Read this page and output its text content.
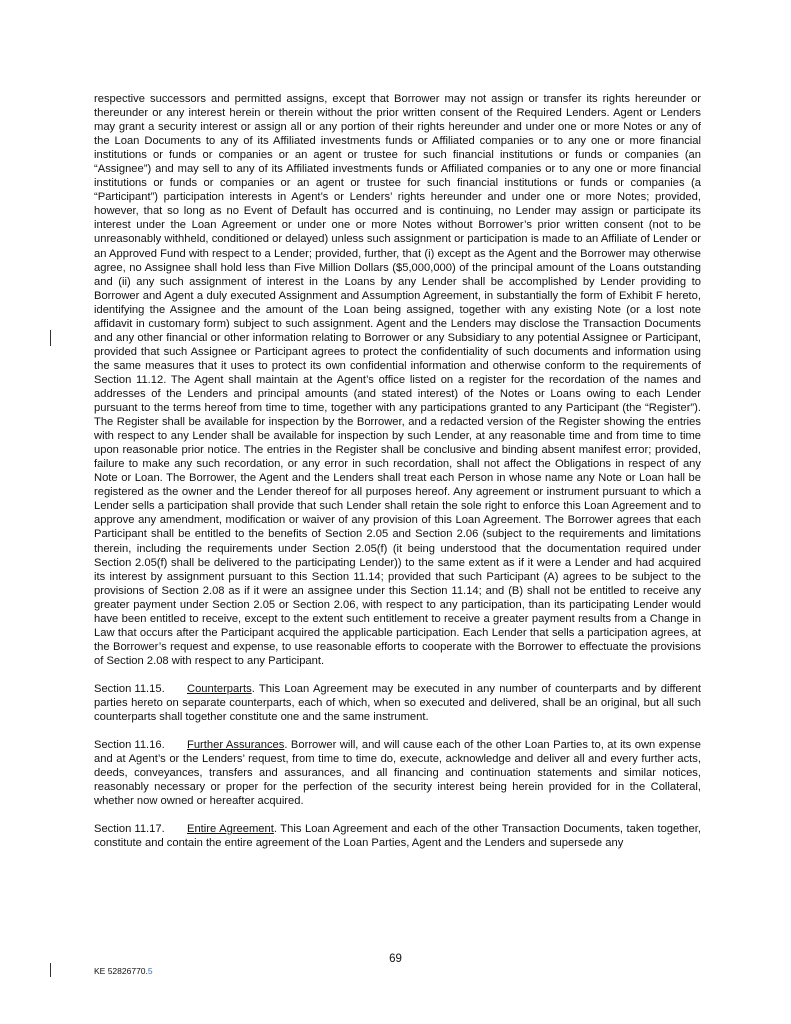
respective successors and permitted assigns, except that Borrower may not assign or transfer its rights hereunder or thereunder or any interest herein or therein without the prior written consent of the Required Lenders. Agent or Lenders may grant a security interest or assign all or any portion of their rights hereunder and under one or more Notes or any of the Loan Documents to any of its Affiliated investments funds or Affiliated companies or to any one or more financial institutions or funds or companies or an agent or trustee for such financial institutions or funds or companies (an “Assignee”) and may sell to any of its Affiliated investments funds or Affiliated companies or to any one or more financial institutions or funds or companies or an agent or trustee for such financial institutions or funds or companies (a “Participant”) participation interests in Agent’s or Lenders’ rights hereunder and under one or more Notes; provided, however, that so long as no Event of Default has occurred and is continuing, no Lender may assign or participate its interest under the Loan Agreement or under one or more Notes without Borrower’s prior written consent (not to be unreasonably withheld, conditioned or delayed) unless such assignment or participation is made to an Affiliate of Lender or an Approved Fund with respect to a Lender; provided, further, that (i) except as the Agent and the Borrower may otherwise agree, no Assignee shall hold less than Five Million Dollars ($5,000,000) of the principal amount of the Loans outstanding and (ii) any such assignment of interest in the Loans by any Lender shall be accomplished by Lender providing to Borrower and Agent a duly executed Assignment and Assumption Agreement, in substantially the form of Exhibit F hereto, identifying the Assignee and the amount of the Loan being assigned, together with any existing Note (or a lost note affidavit in customary form) subject to such assignment. Agent and the Lenders may disclose the Transaction Documents and any other financial or other information relating to Borrower or any Subsidiary to any potential Assignee or Participant, provided that such Assignee or Participant agrees to protect the confidentiality of such documents and information using the same measures that it uses to protect its own confidential information and otherwise conform to the requirements of Section 11.12. The Agent shall maintain at the Agent’s office listed on a register for the recordation of the names and addresses of the Lenders and principal amounts (and stated interest) of the Notes or Loans owing to each Lender pursuant to the terms hereof from time to time, together with any participations granted to any Participant (the “Register”). The Register shall be available for inspection by the Borrower, and a redacted version of the Register showing the entries with respect to any Lender shall be available for inspection by such Lender, at any reasonable time and from time to time upon reasonable prior notice. The entries in the Register shall be conclusive and binding absent manifest error; provided, failure to make any such recordation, or any error in such recordation, shall not affect the Obligations in respect of any Note or Loan. The Borrower, the Agent and the Lenders shall treat each Person in whose name any Note or Loan hall be registered as the owner and the Lender thereof for all purposes hereof. Any agreement or instrument pursuant to which a Lender sells a participation shall provide that such Lender shall retain the sole right to enforce this Loan Agreement and to approve any amendment, modification or waiver of any provision of this Loan Agreement. The Borrower agrees that each Participant shall be entitled to the benefits of Section 2.05 and Section 2.06 (subject to the requirements and limitations therein, including the requirements under Section 2.05(f) (it being understood that the documentation required under Section 2.05(f) shall be delivered to the participating Lender)) to the same extent as if it were a Lender and had acquired its interest by assignment pursuant to this Section 11.14; provided that such Participant (A) agrees to be subject to the provisions of Section 2.08 as if it were an assignee under this Section 11.14; and (B) shall not be entitled to receive any greater payment under Section 2.05 or Section 2.06, with respect to any participation, than its participating Lender would have been entitled to receive, except to the extent such entitlement to receive a greater payment results from a Change in Law that occurs after the Participant acquired the applicable participation. Each Lender that sells a participation agrees, at the Borrower’s request and expense, to use reasonable efforts to cooperate with the Borrower to effectuate the provisions of Section 2.08 with respect to any Participant.

Section 11.15. Counterparts. This Loan Agreement may be executed in any number of counterparts and by different parties hereto on separate counterparts, each of which, when so executed and delivered, shall be an original, but all such counterparts shall together constitute one and the same instrument.

Section 11.16. Further Assurances. Borrower will, and will cause each of the other Loan Parties to, at its own expense and at Agent’s or the Lenders’ request, from time to time do, execute, acknowledge and deliver all and every further acts, deeds, conveyances, transfers and assurances, and all financing and continuation statements and similar notices, reasonably necessary or proper for the perfection of the security interest being herein provided for in the Collateral, whether now owned or hereafter acquired.

Section 11.17. Entire Agreement. This Loan Agreement and each of the other Transaction Documents, taken together, constitute and contain the entire agreement of the Loan Parties, Agent and the Lenders and supersede any

69
KE 52826770.5
